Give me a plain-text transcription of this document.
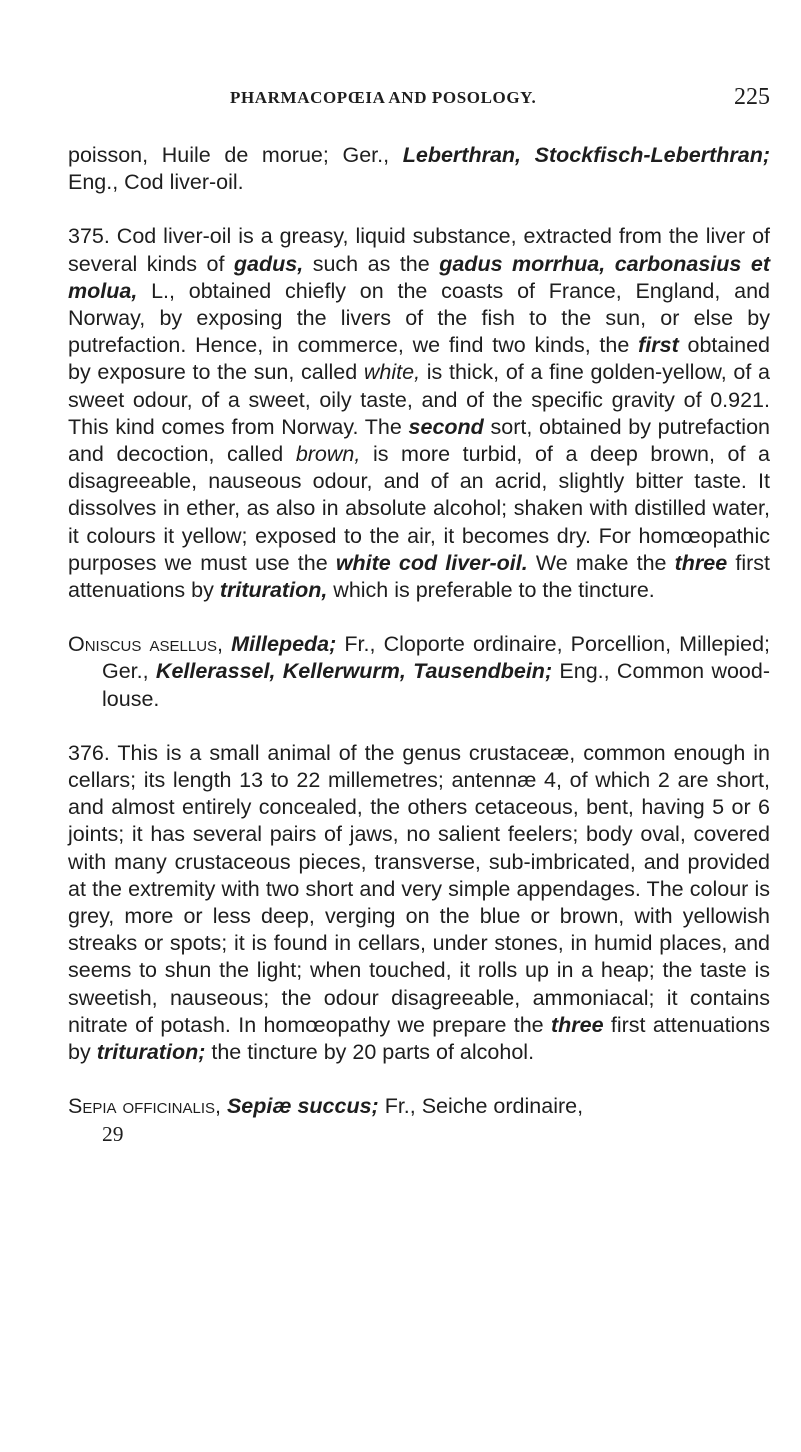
PHARMACOPŒIA AND POSOLOGY.	225

poisson, Huile de morue; Ger., Leberthran, Stockfisch-Leberthran; Eng., Cod liver-oil.

375. Cod liver-oil is a greasy, liquid substance, extracted from the liver of several kinds of gadus, such as the gadus morrhua, carbonasius et molua, L., obtained chiefly on the coasts of France, England, and Norway, by exposing the livers of the fish to the sun, or else by putrefaction. Hence, in commerce, we find two kinds, the first obtained by exposure to the sun, called white, is thick, of a fine golden-yellow, of a sweet odour, of a sweet, oily taste, and of the specific gravity of 0.921. This kind comes from Norway. The second sort, obtained by putrefaction and decoction, called brown, is more turbid, of a deep brown, of a disagreeable, nauseous odour, and of an acrid, slightly bitter taste. It dissolves in ether, as also in absolute alcohol; shaken with distilled water, it colours it yellow; exposed to the air, it becomes dry. For homœopathic purposes we must use the white cod liver-oil. We make the three first attenuations by trituration, which is preferable to the tincture.

Oniscus asellus, Millepeda; Fr., Cloporte ordinaire, Porcellion, Millepied; Ger., Kellerassel, Kellerwurm, Tausendbein; Eng., Common wood-louse.

376. This is a small animal of the genus crustaceæ, common enough in cellars; its length 13 to 22 millemetres; antennæ 4, of which 2 are short, and almost entirely concealed, the others cetaceous, bent, having 5 or 6 joints; it has several pairs of jaws, no salient feelers; body oval, covered with many crustaceous pieces, transverse, sub-imbricated, and provided at the extremity with two short and very simple appendages. The colour is grey, more or less deep, verging on the blue or brown, with yellowish streaks or spots; it is found in cellars, under stones, in humid places, and seems to shun the light; when touched, it rolls up in a heap; the taste is sweetish, nauseous; the odour disagreeable, ammoniacal; it contains nitrate of potash. In homœopathy we prepare the three first attenuations by trituration; the tincture by 20 parts of alcohol.

Sepia officinalis, Sepiæ succus; Fr., Seiche ordinaire,

29
